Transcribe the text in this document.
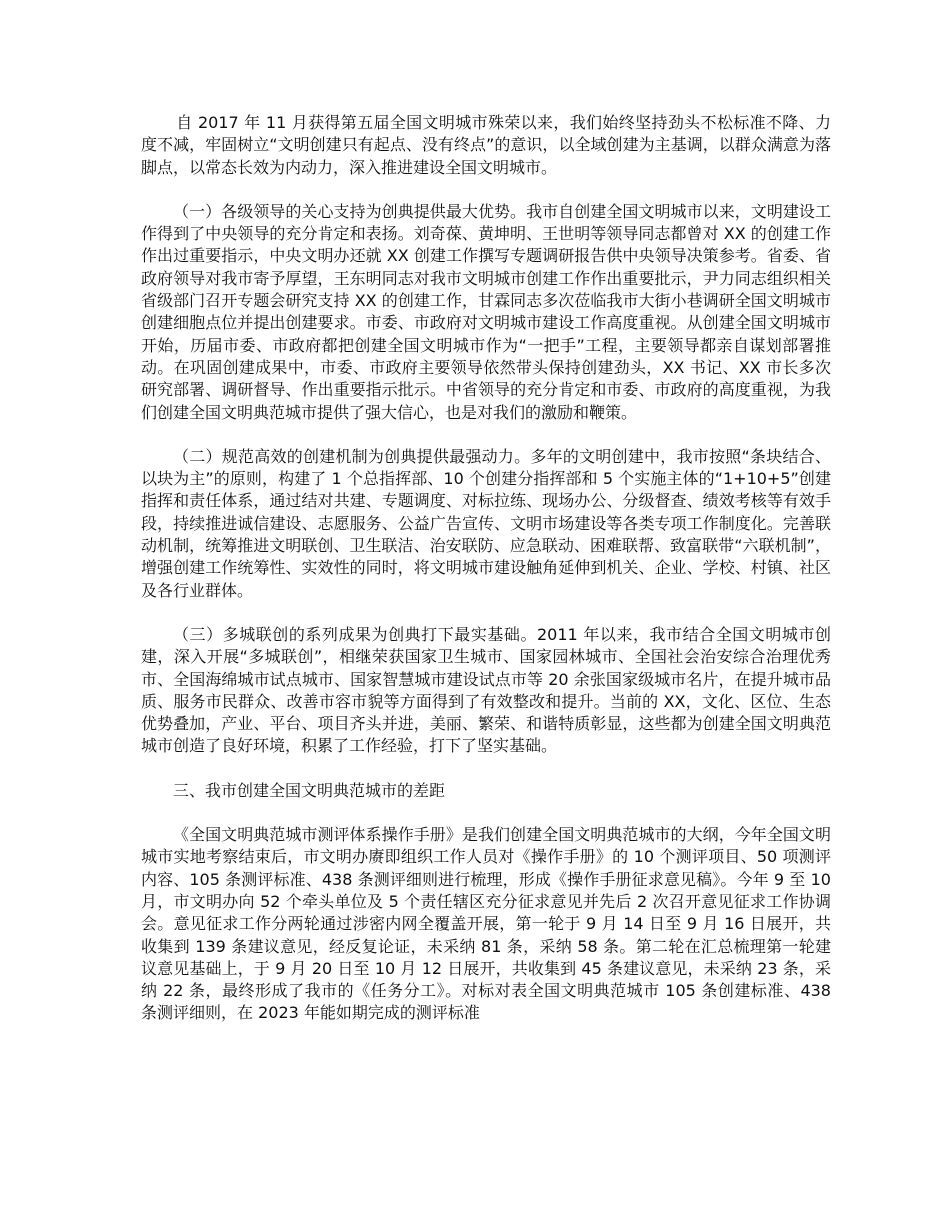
自 2017 年 11 月获得第五届全国文明城市殊荣以来，我们始终坚持劲头不松标准不降、力度不减，牢固树立“文明创建只有起点、没有终点”的意识，以全域创建为主基调，以群众满意为落脚点，以常态长效为内动力，深入推进建设全国文明城市。

（一）各级领导的关心支持为创典提供最大优势。我市自创建全国文明城市以来，文明建设工作得到了中央领导的充分肯定和表扬。刘奇葆、黄坤明、王世明等领导同志都曾对 XX 的创建工作作出过重要指示，中央文明办还就 XX 创建工作撰写专题调研报告供中央领导决策参考。省委、省政府领导对我市寄予厚望，王东明同志对我市文明城市创建工作作出重要批示，尹力同志组织相关省级部门召开专题会研究支持 XX 的创建工作，甘霖同志多次莅临我市大街小巷调研全国文明城市创建细胞点位并提出创建要求。市委、市政府对文明城市建设工作高度重视。从创建全国文明城市开始，历届市委、市政府都把创建全国文明城市作为“一把手”工程，主要领导都亲自谋划部署推动。在巩固创建成果中，市委、市政府主要领导依然带头保持创建劲头，XX 书记、XX 市长多次研究部署、调研督导、作出重要指示批示。中省领导的充分肯定和市委、市政府的高度重视，为我们创建全国文明典范城市提供了强大信心，也是对我们的激励和鞭策。

（二）规范高效的创建机制为创典提供最强动力。多年的文明创建中，我市按照“条块结合、以块为主”的原则，构建了 1 个总指挥部、10 个创建分指挥部和 5 个实施主体的“1+10+5”创建指挥和责任体系，通过结对共建、专题调度、对标拉练、现场办公、分级督查、绩效考核等有效手段，持续推进诚信建设、志愿服务、公益广告宣传、文明市场建设等各类专项工作制度化。完善联动机制，统筹推进文明联创、卫生联洁、治安联防、应急联动、困难联帮、致富联带“六联机制”，增强创建工作统筹性、实效性的同时，将文明城市建设触角延伸到机关、企业、学校、村镇、社区及各行业群体。

（三）多城联创的系列成果为创典打下最实基础。2011 年以来，我市结合全国文明城市创建，深入开展“多城联创”，相继荣获国家卫生城市、国家园林城市、全国社会治安综合治理优秀市、全国海绵城市试点城市、国家智慧城市建设试点市等 20 余张国家级城市名片，在提升城市品质、服务市民群众、改善市容市貌等方面得到了有效整改和提升。当前的 XX，文化、区位、生态优势叠加，产业、平台、项目齐头并进，美丽、繁荣、和谐特质彰显，这些都为创建全国文明典范城市创造了良好环境，积累了工作经验，打下了坚实基础。

三、我市创建全国文明典范城市的差距

《全国文明典范城市测评体系操作手册》是我们创建全国文明典范城市的大纲，今年全国文明城市实地考察结束后，市文明办赓即组织工作人员对《操作手册》的 10 个测评项目、50 项测评内容、105 条测评标准、438 条测评细则进行梳理，形成《操作手册征求意见稿》。今年 9 至 10 月，市文明办向 52 个牵头单位及 5 个责任辖区充分征求意见并先后 2 次召开意见征求工作协调会。意见征求工作分两轮通过涉密内网全覆盖开展，第一轮于 9 月 14 日至 9 月 16 日展开，共收集到 139 条建议意见，经反复论证，未采纳 81 条，采纳 58 条。第二轮在汇总梳理第一轮建议意见基础上，于 9 月 20 日至 10 月 12 日展开，共收集到 45 条建议意见，未采纳 23 条，采纳 22 条，最终形成了我市的《任务分工》。对标对表全国文明典范城市 105 条创建标准、438 条测评细则，在 2023 年能如期完成的测评标准
